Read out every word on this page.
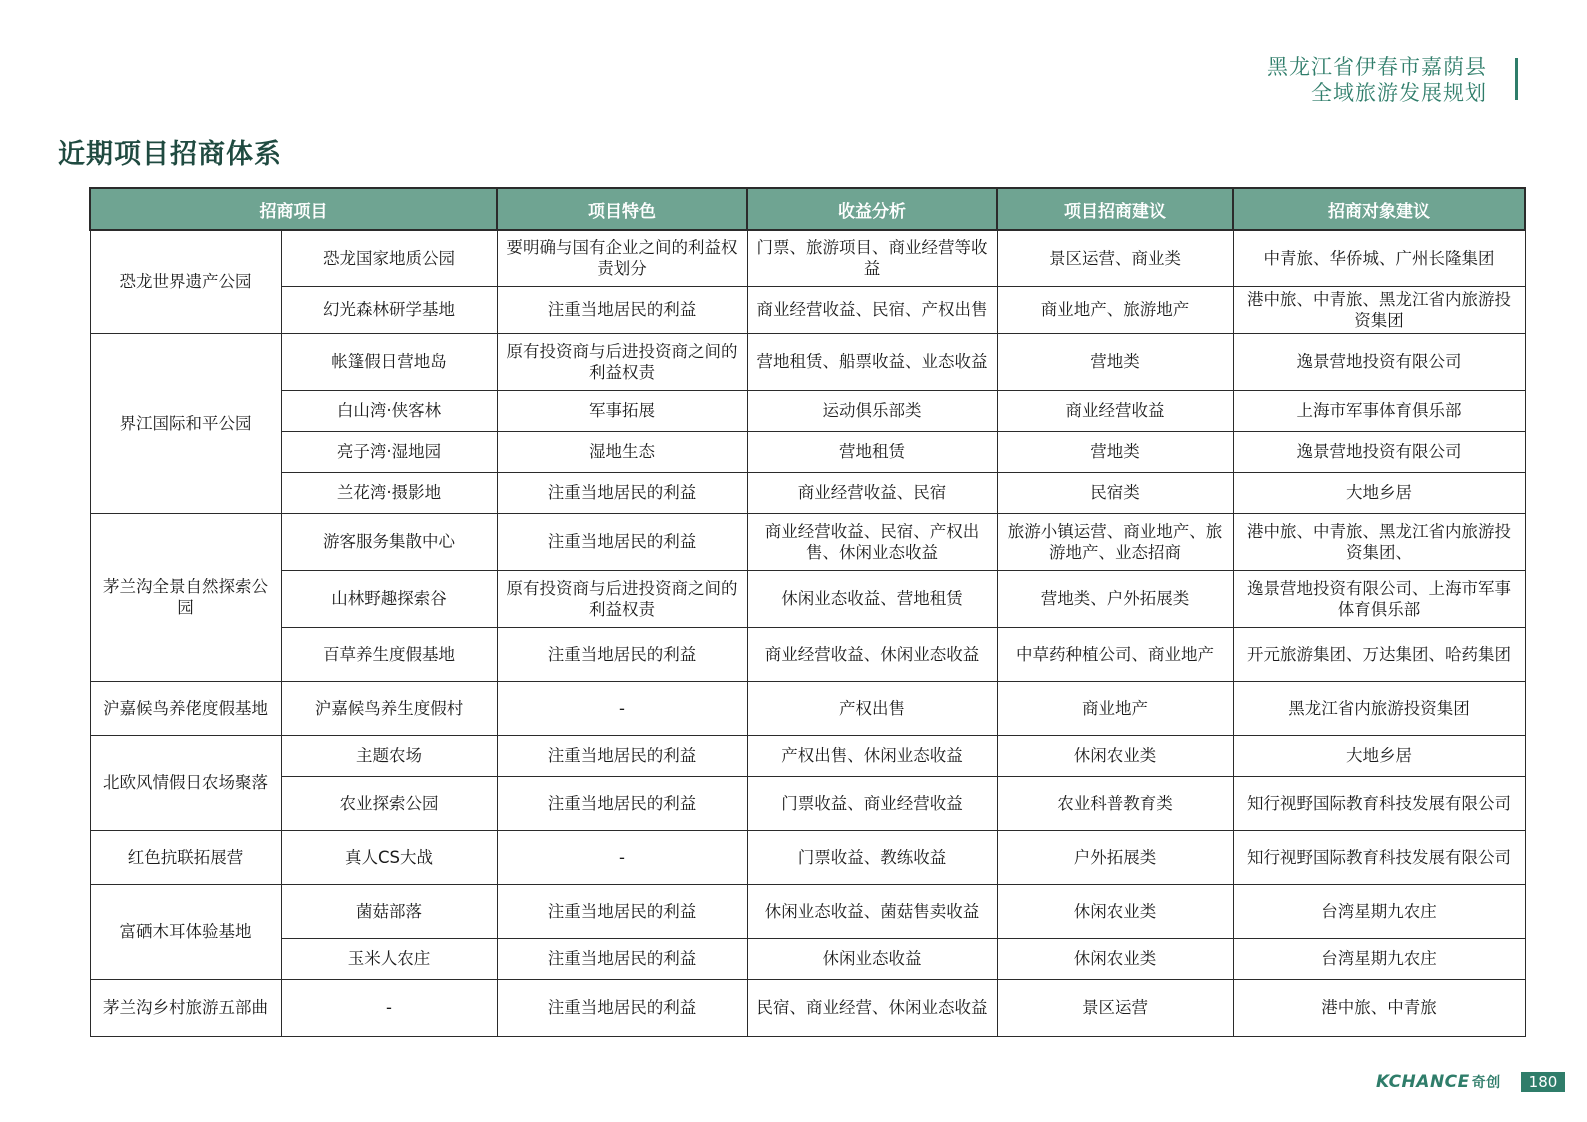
黑龙江省伊春市嘉荫县
全域旅游发展规划
近期项目招商体系
招商项目		项目特色	收益分析	项目招商建议	招商对象建议
恐龙世界遗产公园	恐龙国家地质公园	要明确与国有企业之间的利益权责划分	门票、旅游项目、商业经营等收益	景区运营、商业类	中青旅、华侨城、广州长隆集团
	幻光森林研学基地	注重当地居民的利益	商业经营收益、民宿、产权出售	商业地产、旅游地产	港中旅、中青旅、黑龙江省内旅游投资集团
界江国际和平公园	帐篷假日营地岛	原有投资商与后进投资商之间的利益权责	营地租赁、船票收益、业态收益	营地类	逸景营地投资有限公司
	白山湾·侠客林	军事拓展	运动俱乐部类	商业经营收益	上海市军事体育俱乐部
	亮子湾·湿地园	湿地生态	营地租赁	营地类	逸景营地投资有限公司
	兰花湾·摄影地	注重当地居民的利益	商业经营收益、民宿	民宿类	大地乡居
茅兰沟全景自然探索公园	游客服务集散中心	注重当地居民的利益	商业经营收益、民宿、产权出售、休闲业态收益	旅游小镇运营、商业地产、旅游地产、业态招商	港中旅、中青旅、黑龙江省内旅游投资集团、
	山林野趣探索谷	原有投资商与后进投资商之间的利益权责	休闲业态收益、营地租赁	营地类、户外拓展类	逸景营地投资有限公司、上海市军事体育俱乐部
	百草养生度假基地	注重当地居民的利益	商业经营收益、休闲业态收益	中草药种植公司、商业地产	开元旅游集团、万达集团、哈药集团
沪嘉候鸟养佬度假基地	沪嘉候鸟养生度假村	-	产权出售	商业地产	黑龙江省内旅游投资集团
北欧风情假日农场聚落	主题农场	注重当地居民的利益	产权出售、休闲业态收益	休闲农业类	大地乡居
	农业探索公园	注重当地居民的利益	门票收益、商业经营收益	农业科普教育类	知行视野国际教育科技发展有限公司
红色抗联拓展营	真人CS大战	-	门票收益、教练收益	户外拓展类	知行视野国际教育科技发展有限公司
富硒木耳体验基地	菌菇部落	注重当地居民的利益	休闲业态收益、菌菇售卖收益	休闲农业类	台湾星期九农庄
	玉米人农庄	注重当地居民的利益	休闲业态收益	休闲农业类	台湾星期九农庄
茅兰沟乡村旅游五部曲	-	注重当地居民的利益	民宿、商业经营、休闲业态收益	景区运营	港中旅、中青旅
KCHANCE 奇创	180
